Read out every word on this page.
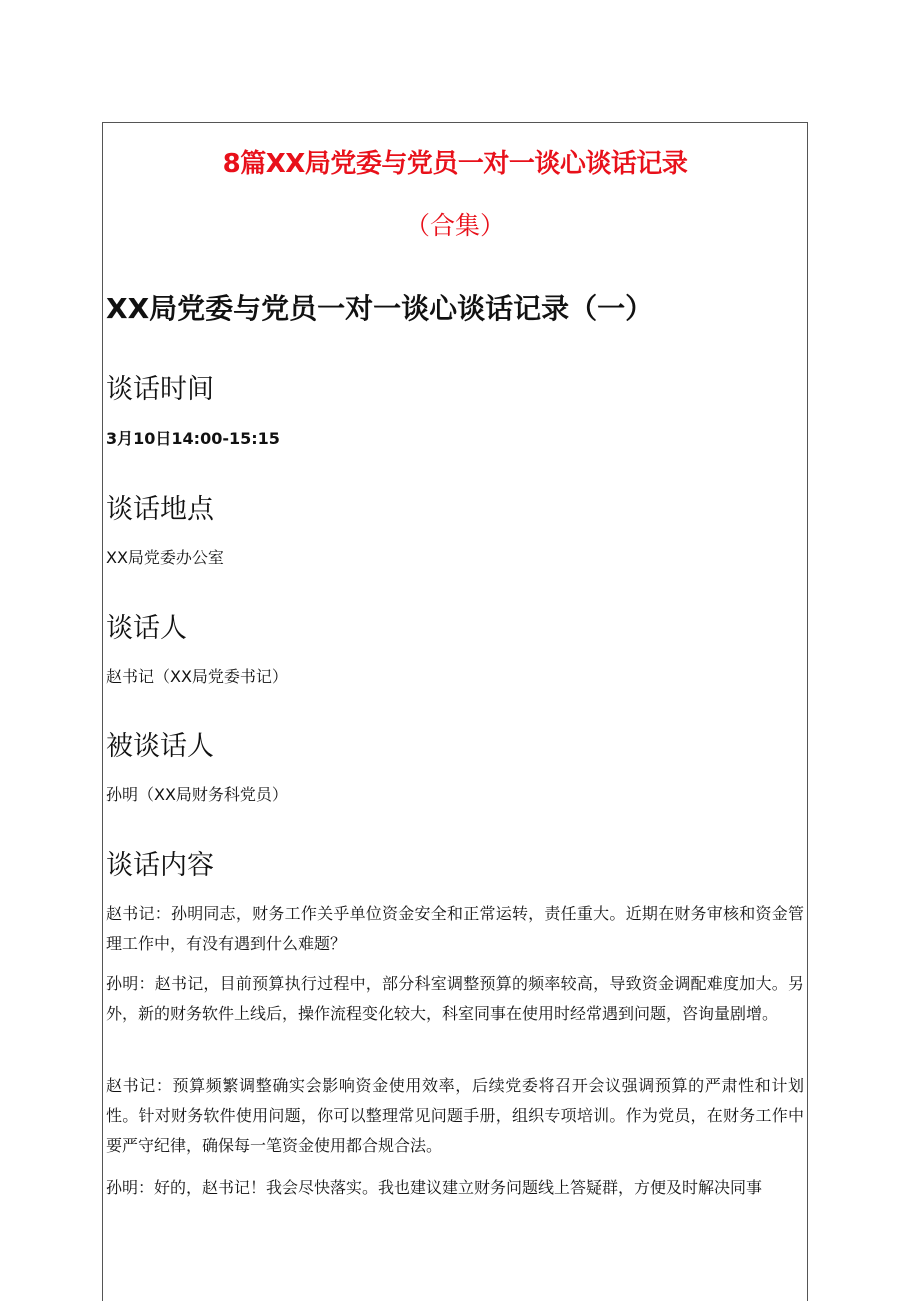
8篇XX局党委与党员一对一谈心谈话记录
（合集）
XX局党委与党员一对一谈心谈话记录（一）
谈话时间
3月10日14:00-15:15
谈话地点
XX局党委办公室
谈话人
赵书记（XX局党委书记）
被谈话人
孙明（XX局财务科党员）
谈话内容

赵书记：孙明同志，财务工作关乎单位资金安全和正常运转，责任重大。近期在财务审核和资金管理工作中，有没有遇到什么难题？

孙明：赵书记，目前预算执行过程中，部分科室调整预算的频率较高，导致资金调配难度加大。另外，新的财务软件上线后，操作流程变化较大，科室同事在使用时经常遇到问题，咨询量剧增。

赵书记：预算频繁调整确实会影响资金使用效率，后续党委将召开会议强调预算的严肃性和计划性。针对财务软件使用问题，你可以整理常见问题手册，组织专项培训。作为党员，在财务工作中要严守纪律，确保每一笔资金使用都合规合法。

孙明：好的，赵书记！我会尽快落实。我也建议建立财务问题线上答疑群，方便及时解决同事
